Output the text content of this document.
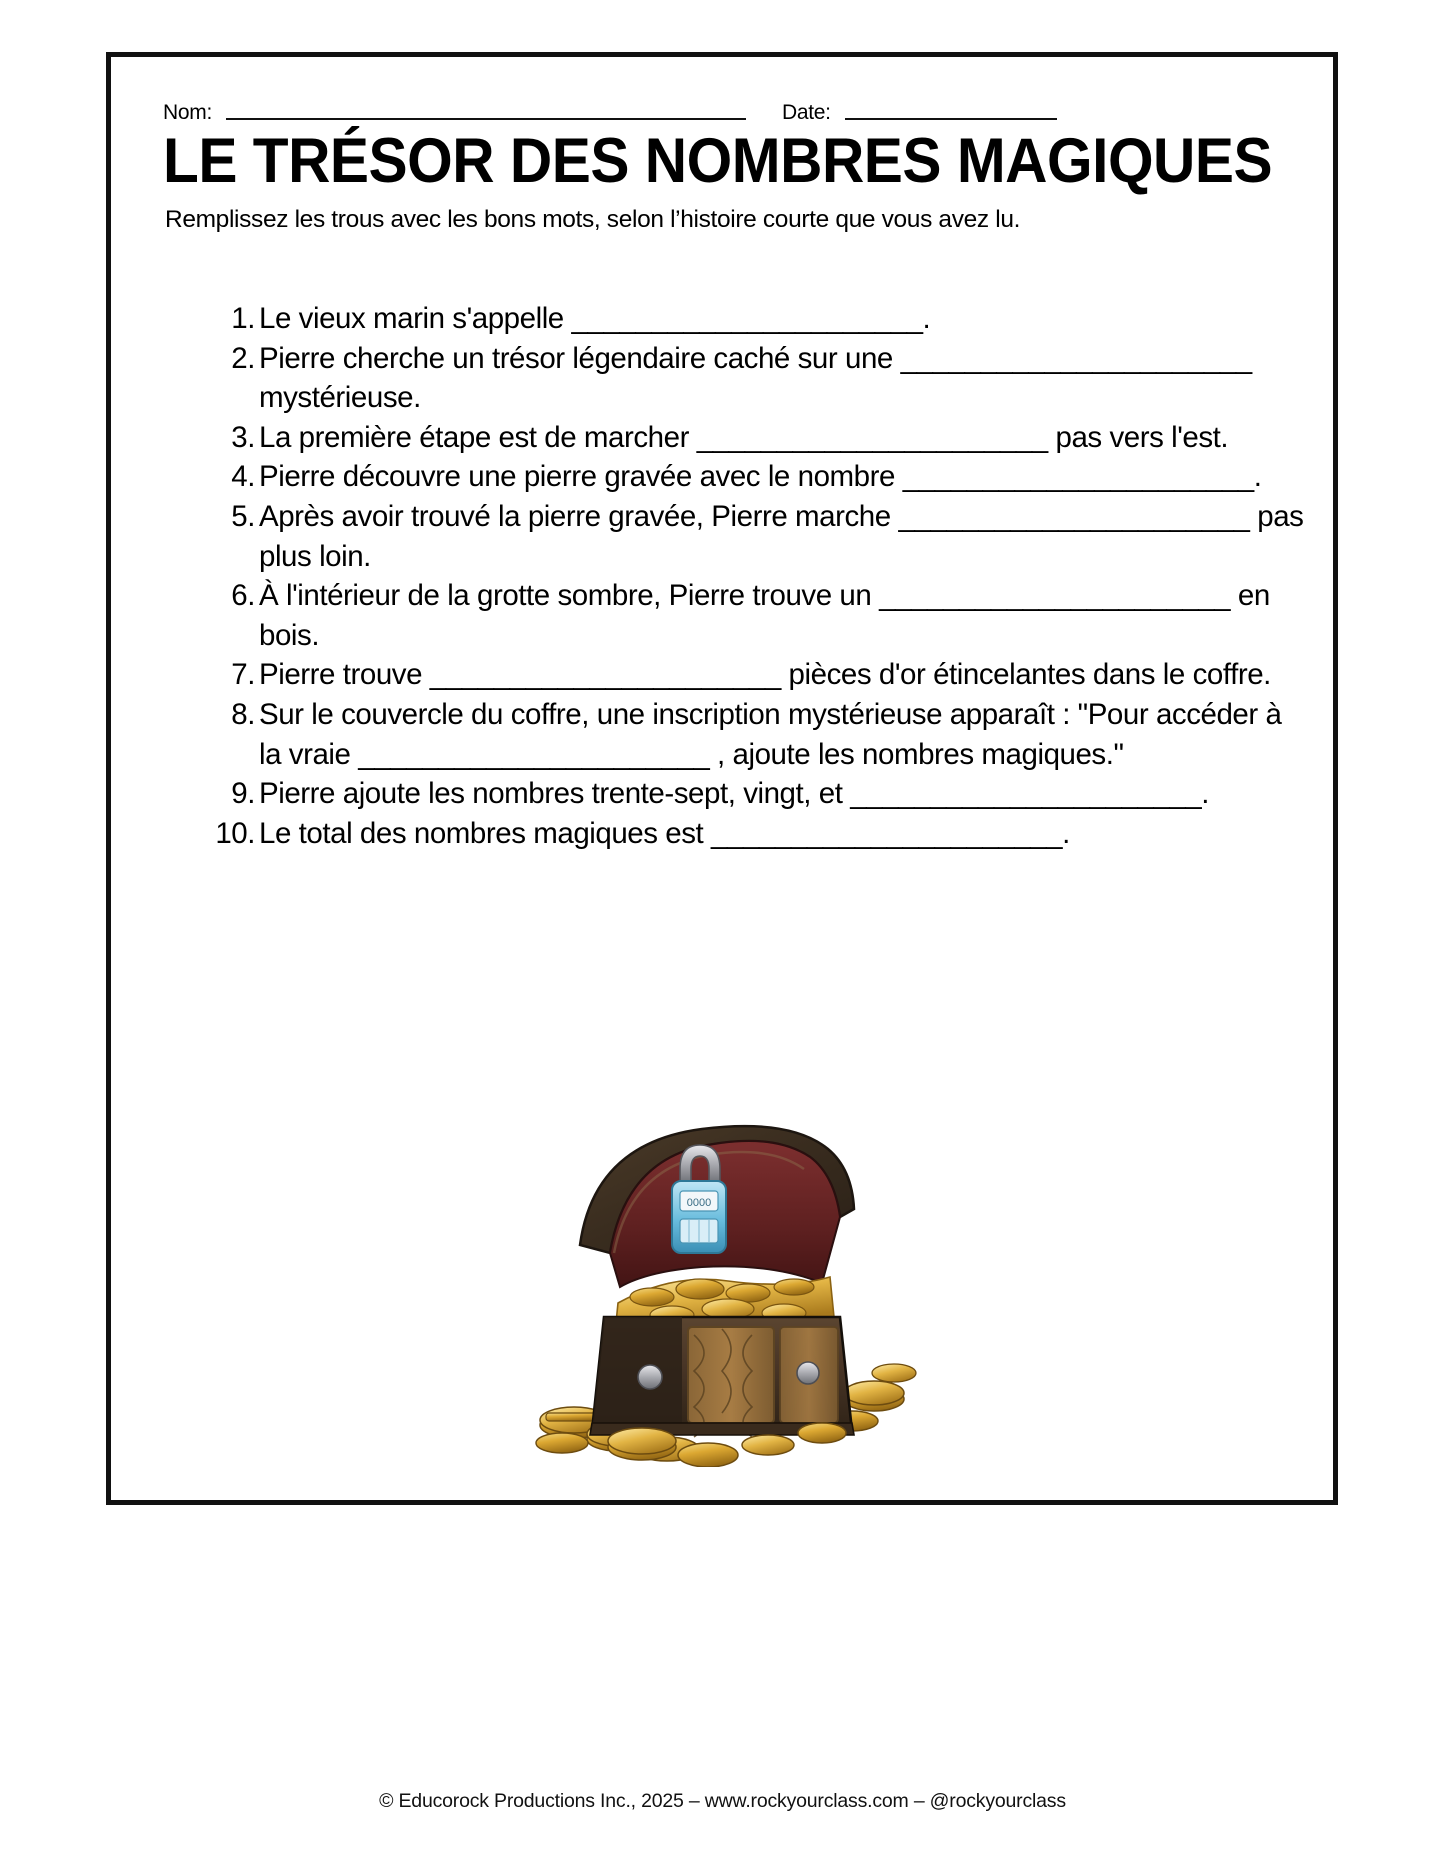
Nom:	Date:
LE TRÉSOR DES NOMBRES MAGIQUES
Remplissez les trous avec les bons mots, selon l’histoire courte que vous avez lu.
1. Le vieux marin s'appelle ______________________.
2. Pierre cherche un trésor légendaire caché sur une ______________________ mystérieuse.
3. La première étape est de marcher ______________________ pas vers l'est.
4. Pierre découvre une pierre gravée avec le nombre ______________________.
5. Après avoir trouvé la pierre gravée, Pierre marche ______________________ pas plus loin.
6. À l'intérieur de la grotte sombre, Pierre trouve un ______________________ en bois.
7. Pierre trouve ______________________ pièces d'or étincelantes dans le coffre.
8. Sur le couvercle du coffre, une inscription mystérieuse apparaît : "Pour accéder à la vraie ______________________ , ajoute les nombres magiques."
9. Pierre ajoute les nombres trente-sept, vingt, et ______________________.
10. Le total des nombres magiques est ______________________.
0000
© Educorock Productions Inc., 2025 – www.rockyourclass.com – @rockyourclass
